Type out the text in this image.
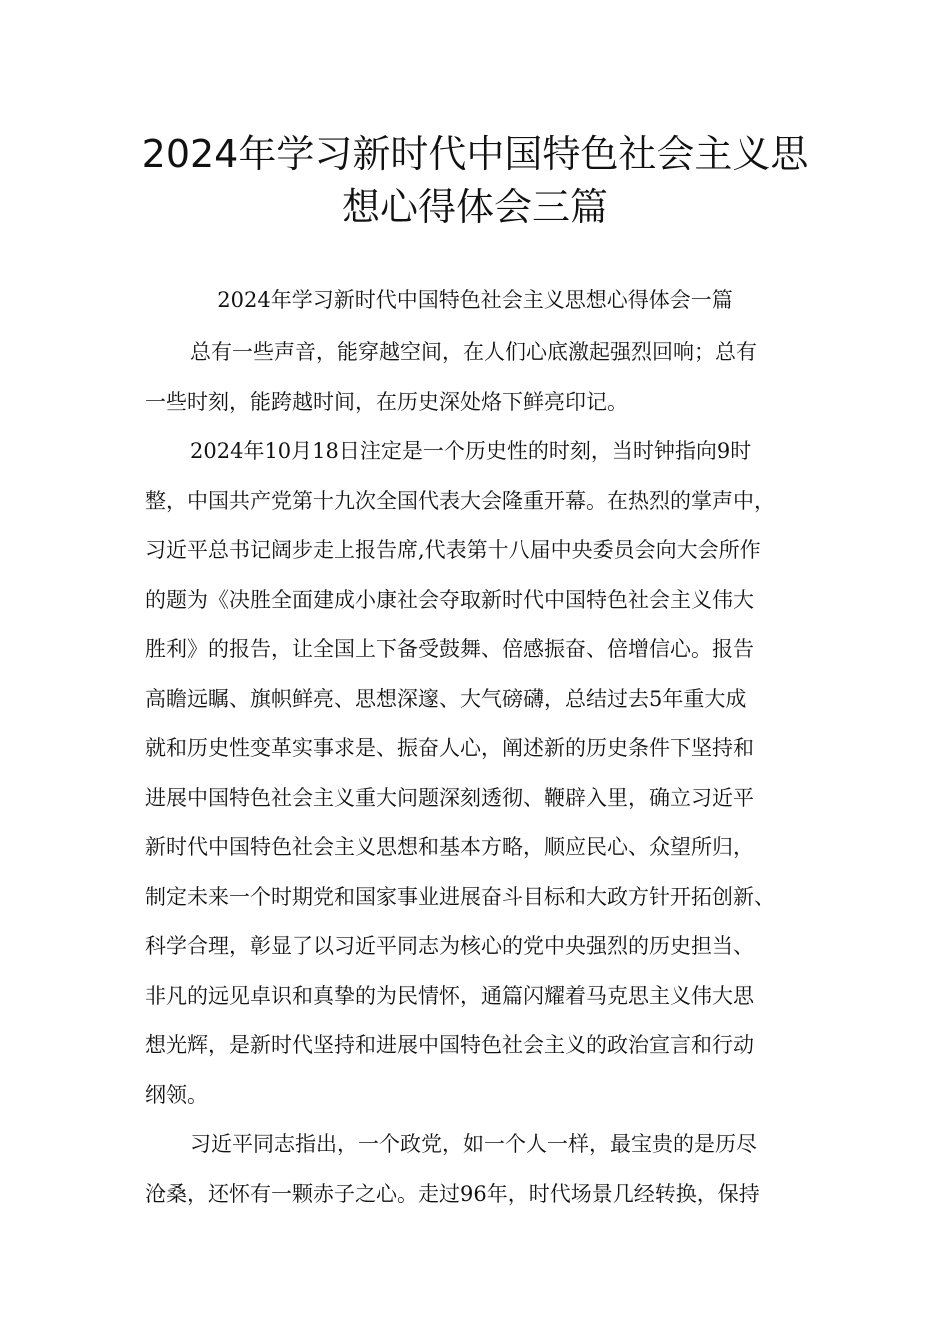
2024年学习新时代中国特色社会主义思
想心得体会三篇
2024年学习新时代中国特色社会主义思想心得体会一篇
总有一些声音，能穿越空间，在人们心底激起强烈回响；总有
一些时刻，能跨越时间，在历史深处烙下鲜亮印记。
2024年10月18日注定是一个历史性的时刻，当时钟指向9时
整，中国共产党第十九次全国代表大会隆重开幕。在热烈的掌声中，
习近平总书记阔步走上报告席,代表第十八届中央委员会向大会所作
的题为《决胜全面建成小康社会夺取新时代中国特色社会主义伟大
胜利》的报告，让全国上下备受鼓舞、倍感振奋、倍增信心。报告
高瞻远瞩、旗帜鲜亮、思想深邃、大气磅礴，总结过去5年重大成
就和历史性变革实事求是、振奋人心，阐述新的历史条件下坚持和
进展中国特色社会主义重大问题深刻透彻、鞭辟入里，确立习近平
新时代中国特色社会主义思想和基本方略，顺应民心、众望所归，
制定未来一个时期党和国家事业进展奋斗目标和大政方针开拓创新、
科学合理，彰显了以习近平同志为核心的党中央强烈的历史担当、
非凡的远见卓识和真挚的为民情怀，通篇闪耀着马克思主义伟大思
想光辉，是新时代坚持和进展中国特色社会主义的政治宣言和行动
纲领。
习近平同志指出，一个政党，如一个人一样，最宝贵的是历尽
沧桑，还怀有一颗赤子之心。走过96年，时代场景几经转换，保持
